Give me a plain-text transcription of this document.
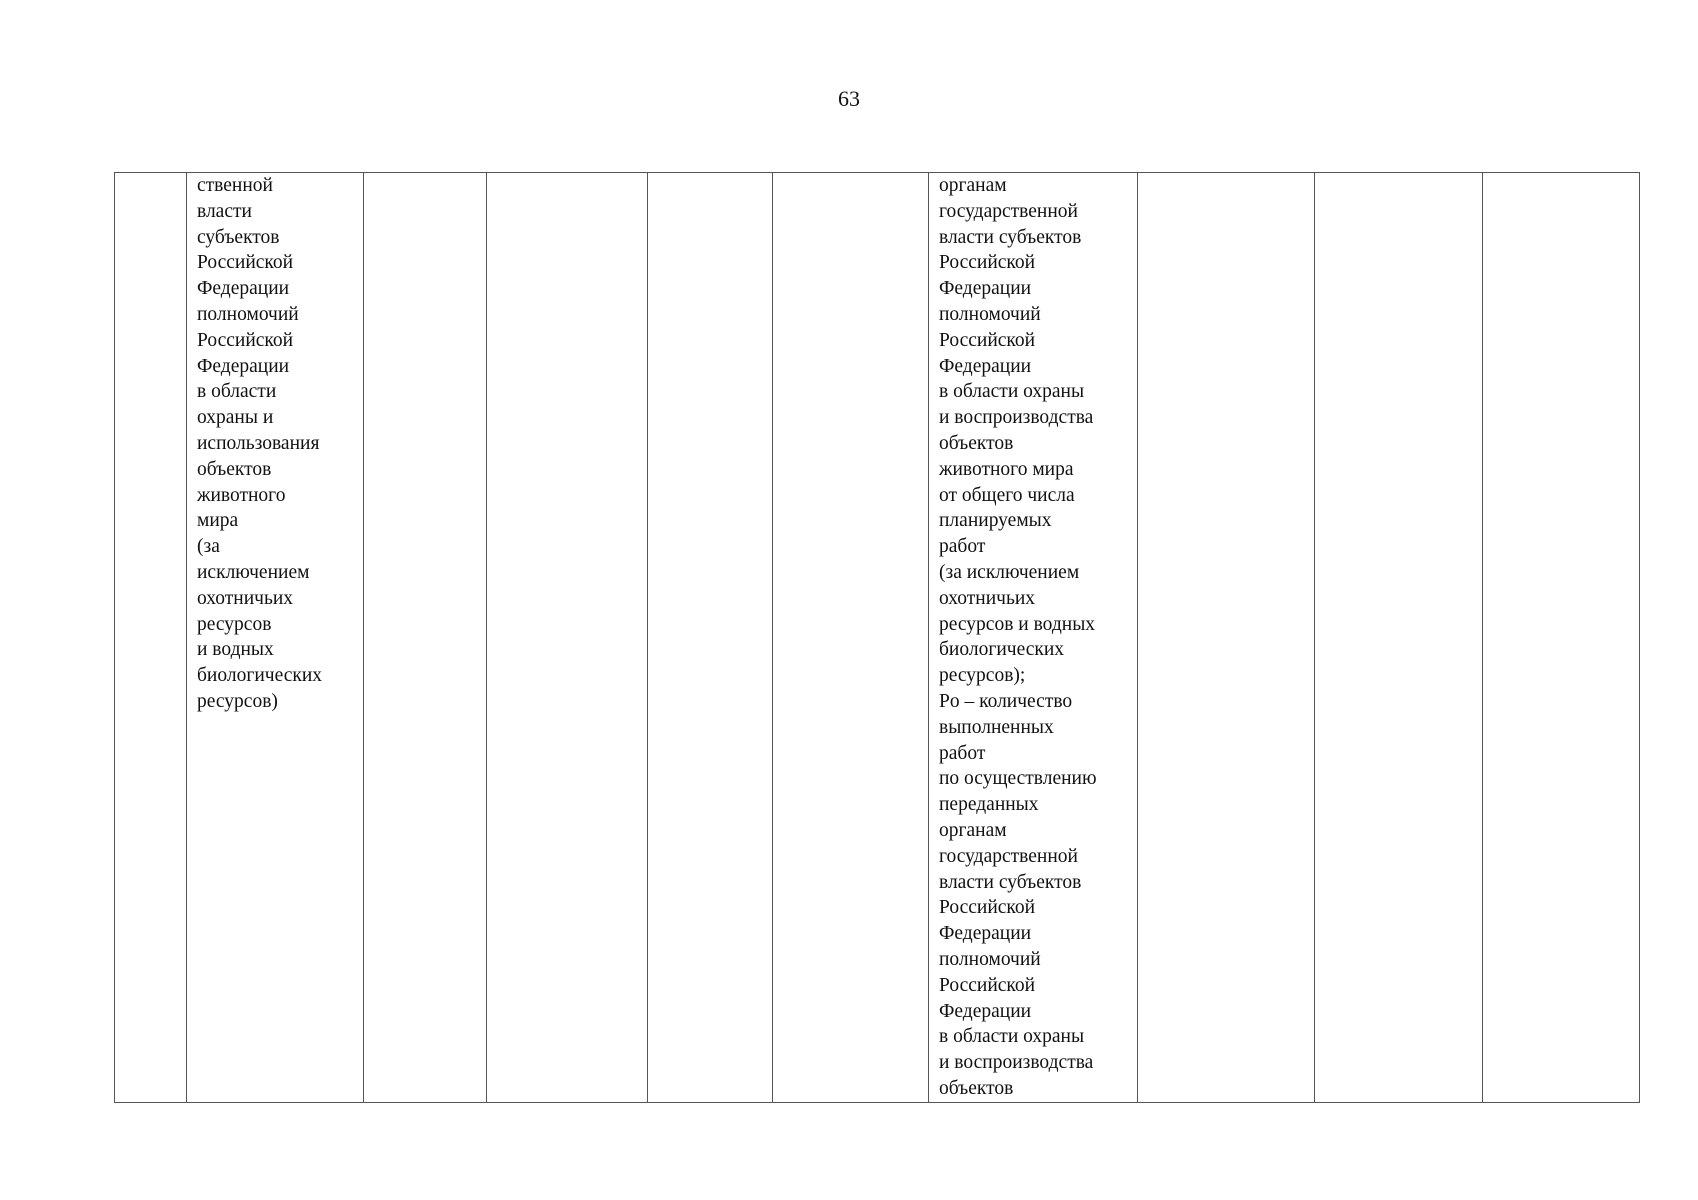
63
	ственной
власти
субъектов
Российской
Федерации
полномочий
Российской
Федерации
в области
охраны и
использования
объектов
животного
мира
(за
исключением
охотничьих
ресурсов
и водных
биологических
ресурсов)					органам
государственной
власти субъектов
Российской
Федерации
полномочий
Российской
Федерации
в области охраны
и воспроизводства
объектов
животного мира
от общего числа
планируемых
работ
(за исключением
охотничьих
ресурсов и водных
биологических
ресурсов);
Po – количество
выполненных
работ
по осуществлению
переданных
органам
государственной
власти субъектов
Российской
Федерации
полномочий
Российской
Федерации
в области охраны
и воспроизводства
объектов			
